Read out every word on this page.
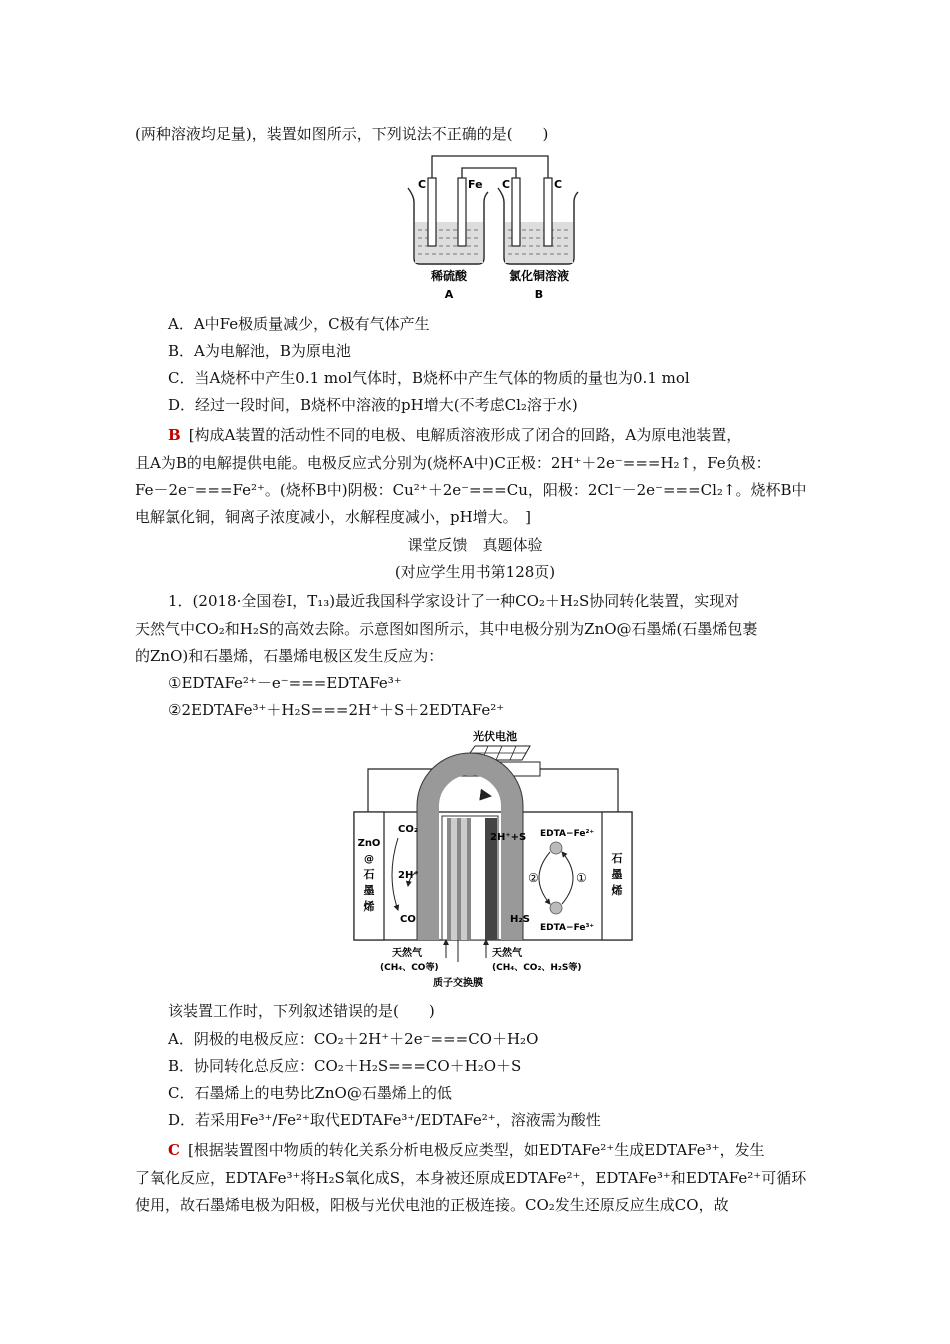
(两种溶液均足量)，装置如图所示，下列说法不正确的是(　　)
C	Fe C	C
稀硫酸
A
氯化铜溶液
B
A．A中Fe极质量减少，C极有气体产生
B．A为电解池，B为原电池
C．当A烧杯中产生0.1 mol气体时，B烧杯中产生气体的物质的量也为0.1 mol
D．经过一段时间，B烧杯中溶液的pH增大(不考虑Cl₂溶于水)
B [构成A装置的活动性不同的电极、电解质溶液形成了闭合的回路，A为原电池装置，
且A为B的电解提供电能。电极反应式分别为(烧杯A中)C正极：2H⁺＋2e⁻===H₂↑，Fe负极：
Fe－2e⁻===Fe²⁺。(烧杯B中)阴极：Cu²⁺＋2e⁻===Cu，阳极：2Cl⁻－2e⁻===Cl₂↑。烧杯B中
电解氯化铜，铜离子浓度减小，水解程度减小，pH增大。　]
课堂反馈　真题体验
(对应学生用书第128页)
1．(2018·全国卷Ⅰ，T₁₃)最近我国科学家设计了一种CO₂＋H₂S协同转化装置，实现对
天然气中CO₂和H₂S的高效去除。示意图如图所示，其中电极分别为ZnO@石墨烯(石墨烯包裹
的ZnO)和石墨烯，石墨烯电极区发生反应为：
①EDTAFe²⁺－e⁻===EDTAFe³⁺
②2EDTAFe³⁺＋H₂S===2H⁺＋S＋2EDTAFe²⁺
光伏电池
ZnO
@
石
墨
烯
石
墨
烯
CO₂
2H⁺
CO
2H⁺+S EDTA−Fe²⁺
EDTA−Fe³⁺
H₂S
②	①
天然气
(CH₄、CO等)
天然气
(CH₄、CO₂、H₂S等)
质子交换膜
该装置工作时，下列叙述错误的是(　　)
A．阴极的电极反应：CO₂＋2H⁺＋2e⁻===CO＋H₂O
B．协同转化总反应：CO₂＋H₂S===CO＋H₂O＋S
C．石墨烯上的电势比ZnO@石墨烯上的低
D．若采用Fe³⁺/Fe²⁺取代EDTAFe³⁺/EDTAFe²⁺，溶液需为酸性
C [根据装置图中物质的转化关系分析电极反应类型，如EDTAFe²⁺生成EDTAFe³⁺，发生
了氧化反应，EDTAFe³⁺将H₂S氧化成S，本身被还原成EDTAFe²⁺，EDTAFe³⁺和EDTAFe²⁺可循环
使用，故石墨烯电极为阳极，阳极与光伏电池的正极连接。CO₂发生还原反应生成CO，故
